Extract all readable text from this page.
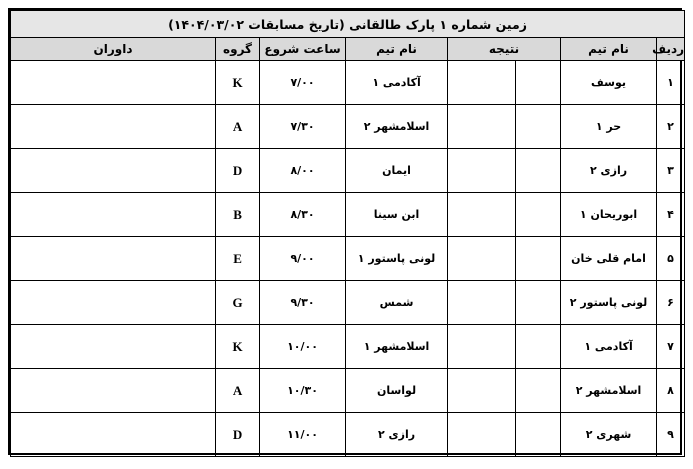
زمین شماره ۱ پارک طالقانی (تاریخ مسابقات ۱۴۰۴/۰۳/۰۲)							
ردیف	نام تیم	نتیجه		نام تیم	ساعت شروع	گروه	داوران
۱	یوسف			آکادمی ۱	۷/۰۰	K	
۲	حر ۱			اسلامشهر ۲	۷/۳۰	A	
۳	رازی ۲			ایمان	۸/۰۰	D	
۴	ابوریحان ۱			ابن سینا	۸/۳۰	B	
۵	امام قلی خان			لونی پاستور ۱	۹/۰۰	E	
۶	لونی پاستور ۲			شمس	۹/۳۰	G	
۷	آکادمی ۱			اسلامشهر ۱	۱۰/۰۰	K	
۸	اسلامشهر ۲			لواسان	۱۰/۳۰	A	
۹	شهری ۲			رازی ۲	۱۱/۰۰	D	
